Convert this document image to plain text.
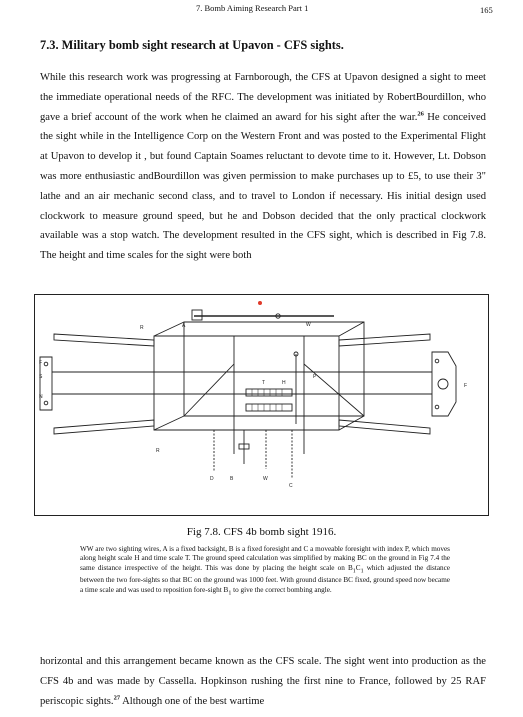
7. Bomb Aiming Research Part 1	165
7.3. Military bomb sight research at Upavon - CFS sights.
While this research work was progressing at Farnborough, the CFS at Upavon designed a sight to meet the immediate operational needs of the RFC. The development was initiated by RobertBourdillon, who gave a brief account of the work when he claimed an award for his sight after the war.$^{26}$ He conceived the sight while in the Intelligence Corp on the Western Front and was posted to the Experimental Flight at Upavon to develop it , but found Captain Soames reluctant to devote time to it. However, Lt. Dobson was more enthusiastic andBourdillon was given permission to make purchases up to £5, to use their 3" lathe and an air mechanic second class, and to travel to London if necessary. His initial design used clockwork to measure ground speed, but he and Dobson decided that the only practical clockwork available was a stop watch. The development resulted in the CFS sight, which is described in Fig 7.8. The height and time scales for the sight were both
R	A	W
F
S
N
P
T	H	F
R
D	B	W
C
Fig 7.8. CFS 4b bomb sight 1916.
WW are two sighting wires, A is a fixed backsight, B is a fixed foresight and C a moveable foresight with index P, which moves along height scale H and time scale T. The ground speed calculation was simplified by making BC on the ground in Fig 7.4 the same distance irrespective of the height. This was done by placing the height scale on $B_1C_1$ which adjusted the distance between the two fore-sights so that BC on the ground was 1000 feet. With ground distance BC fixed, ground speed now became a time scale and was used to reposition fore-sight $B_1$ to give the correct bombing angle.
horizontal and this arrangement became known as the CFS scale. The sight went into production as the CFS 4b and was made by Cassella. Hopkinson rushing the first nine to France, followed by 25 RAF periscopic sights.$^{27}$ Although one of the best wartime
